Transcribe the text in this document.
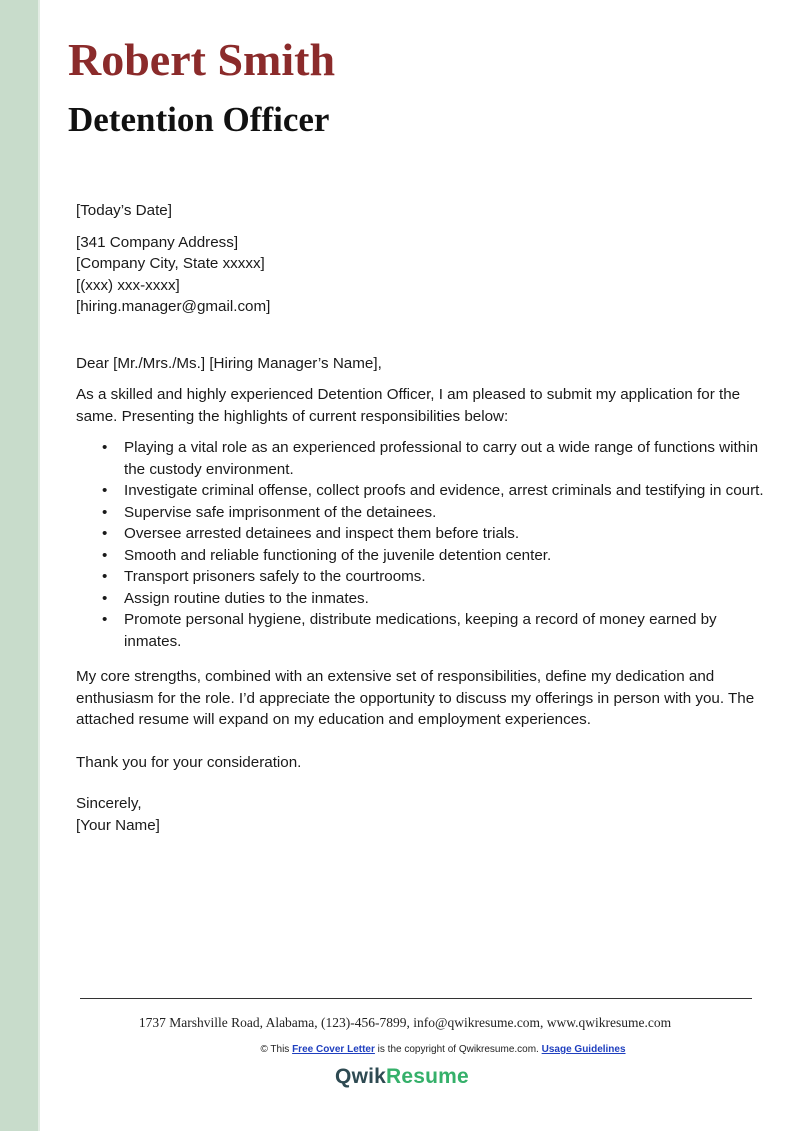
Robert Smith
Detention Officer

[Today’s Date]

[341 Company Address]

[Company City, State xxxxx]

[(xxx) xxx-xxxx]

[hiring.manager@gmail.com]

Dear [Mr./Mrs./Ms.] [Hiring Manager’s Name],

As a skilled and highly experienced Detention Officer, I am pleased to submit my application for the same. Presenting the highlights of current responsibilities below:

• Playing a vital role as an experienced professional to carry out a wide range of functions within the custody environment.
• Investigate criminal offense, collect proofs and evidence, arrest criminals and testifying in court.
• Supervise safe imprisonment of the detainees.
• Oversee arrested detainees and inspect them before trials.
• Smooth and reliable functioning of the juvenile detention center.
• Transport prisoners safely to the courtrooms.
• Assign routine duties to the inmates.
• Promote personal hygiene, distribute medications, keeping a record of money earned by inmates.

My core strengths, combined with an extensive set of responsibilities, define my dedication and enthusiasm for the role. I’d appreciate the opportunity to discuss my offerings in person with you. The attached resume will expand on my education and employment experiences.

Thank you for your consideration.

Sincerely,

[Your Name]

1737 Marshville Road, Alabama, (123)-456-7899, info@qwikresume.com, www.qwikresume.com
© This Free Cover Letter is the copyright of Qwikresume.com. Usage Guidelines
QwikResume
